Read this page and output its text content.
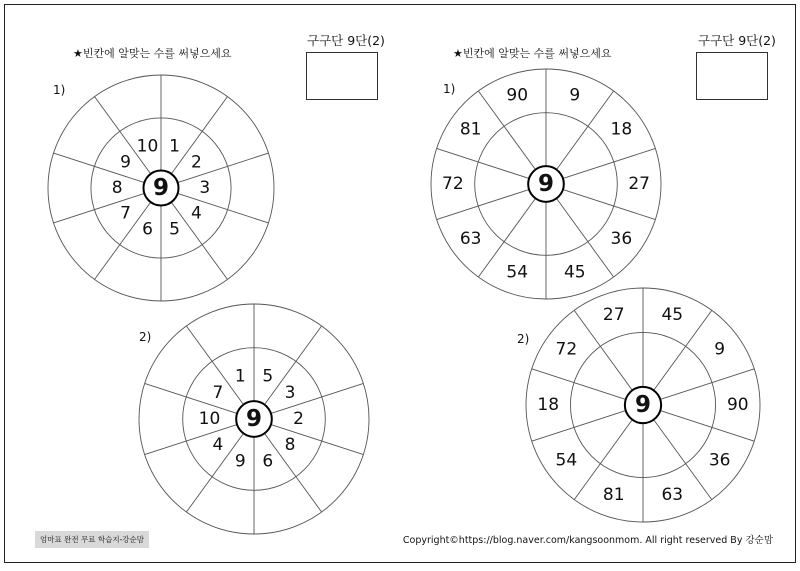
★빈칸에 알맞는 수를 써넣으세요
구구단 9단(2)
1)
1
2
3
4
5
6
7
8
9
10
9
2)
5
3
2
8
6
9
4
10
7
1
9
엄마표 완전 무료 학습지-강순맘
★빈칸에 알맞는 수를 써넣으세요
구구단 9단(2)
1)	9
18
27
36
45
54
63
72
81
90
9
2)
45
9
90
36
63
81
54
18
72
27
9
Copyright©https://blog.naver.com/kangsoonmom. All right reserved By 강순맘
